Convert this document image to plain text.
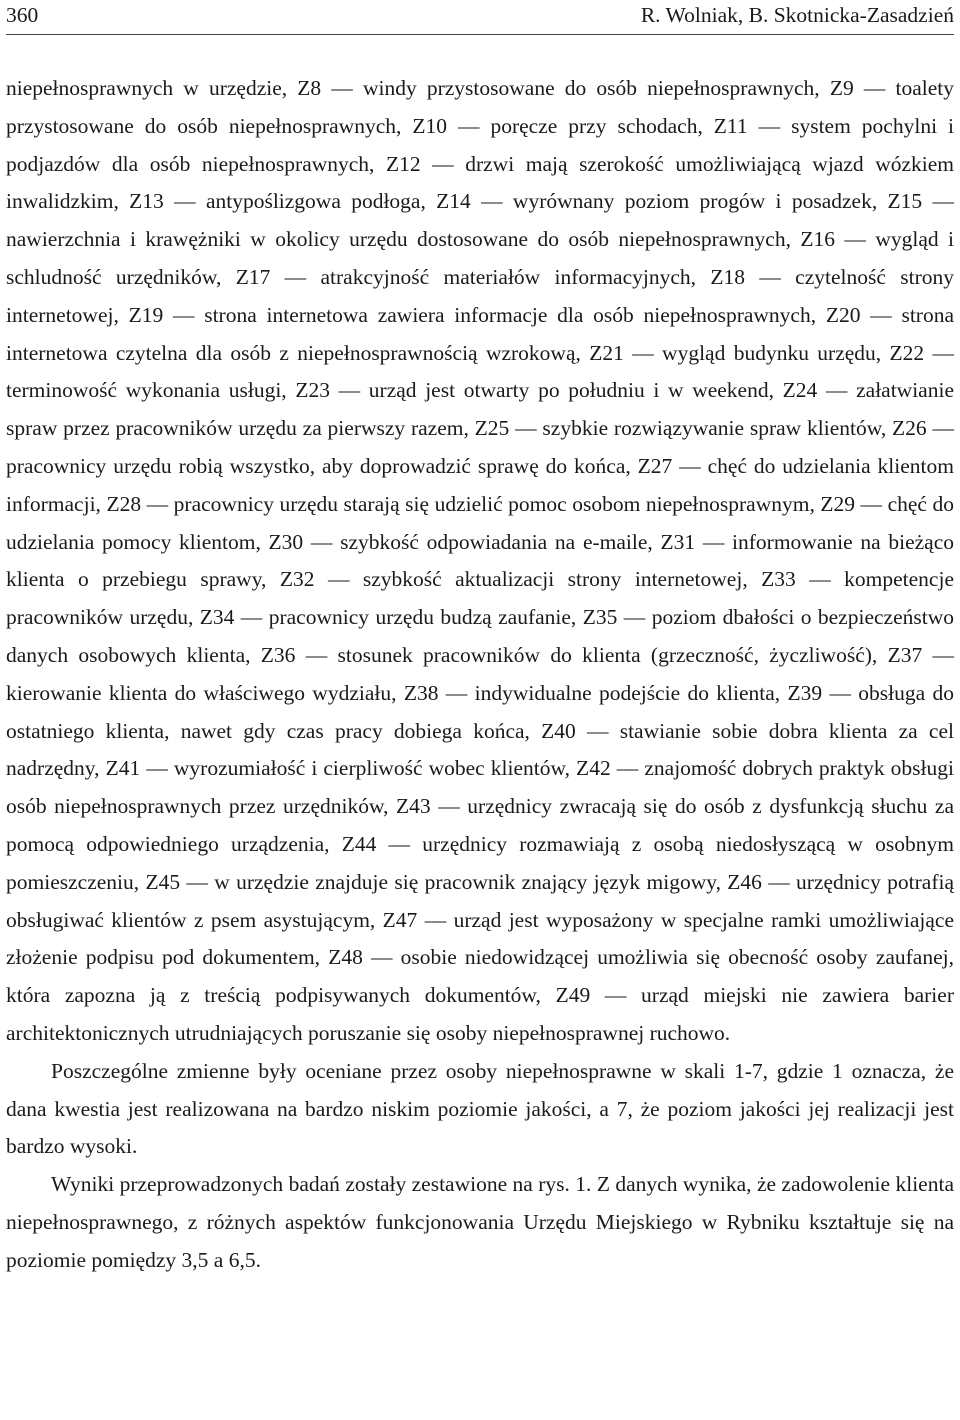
360	R. Wolniak, B. Skotnicka-Zasadzień

niepełnosprawnych w urzędzie, Z8 — windy przystosowane do osób niepełnosprawnych, Z9 — toalety przystosowane do osób niepełnosprawnych, Z10 — poręcze przy schodach, Z11 — system pochylni i podjazdów dla osób niepełnosprawnych, Z12 — drzwi mają szerokość umożliwiającą wjazd wózkiem inwalidzkim, Z13 — antypoślizgowa podłoga, Z14 — wyrównany poziom progów i posadzek, Z15 — nawierzchnia i krawężniki w okolicy urzędu dostosowane do osób niepełnosprawnych, Z16 — wygląd i schludność urzędników, Z17 — atrakcyjność materiałów informacyjnych, Z18 — czytelność strony internetowej, Z19 — strona internetowa zawiera informacje dla osób niepełnosprawnych, Z20 — strona internetowa czytelna dla osób z niepełnosprawnością wzrokową, Z21 — wygląd budynku urzędu, Z22 — terminowość wykonania usługi, Z23 — urząd jest otwarty po południu i w weekend, Z24 — załatwianie spraw przez pracowników urzędu za pierwszy razem, Z25 — szybkie rozwiązywanie spraw klientów, Z26 — pracownicy urzędu robią wszystko, aby doprowadzić sprawę do końca, Z27 — chęć do udzielania klientom informacji, Z28 — pracownicy urzędu starają się udzielić pomoc osobom niepełnosprawnym, Z29 — chęć do udzielania pomocy klientom, Z30 — szybkość odpowiadania na e-maile, Z31 — informowanie na bieżąco klienta o przebiegu sprawy, Z32 — szybkość aktualizacji strony internetowej, Z33 — kompetencje pracowników urzędu, Z34 — pracownicy urzędu budzą zaufanie, Z35 — poziom dbałości o bezpieczeństwo danych osobowych klienta, Z36 — stosunek pracowników do klienta (grzeczność, życzliwość), Z37 — kierowanie klienta do właściwego wydziału, Z38 — indywidualne podejście do klienta, Z39 — obsługa do ostatniego klienta, nawet gdy czas pracy dobiega końca, Z40 — stawianie sobie dobra klienta za cel nadrzędny, Z41 — wyrozumiałość i cierpliwość wobec klientów, Z42 — znajomość dobrych praktyk obsługi osób niepełnosprawnych przez urzędników, Z43 — urzędnicy zwracają się do osób z dysfunkcją słuchu za pomocą odpowiedniego urządzenia, Z44 — urzędnicy rozmawiają z osobą niedosłyszącą w osobnym pomieszczeniu, Z45 — w urzędzie znajduje się pracownik znający język migowy, Z46 — urzędnicy potrafią obsługiwać klientów z psem asystującym, Z47 — urząd jest wyposażony w specjalne ramki umożliwiające złożenie podpisu pod dokumentem, Z48 — osobie niedowidzącej umożliwia się obecność osoby zaufanej, która zapozna ją z treścią podpisywanych dokumentów, Z49 — urząd miejski nie zawiera barier architektonicznych utrudniających poruszanie się osoby niepełnosprawnej ruchowo.

Poszczególne zmienne były oceniane przez osoby niepełnosprawne w skali 1-7, gdzie 1 oznacza, że dana kwestia jest realizowana na bardzo niskim poziomie jakości, a 7, że poziom jakości jej realizacji jest bardzo wysoki.

Wyniki przeprowadzonych badań zostały zestawione na rys. 1. Z danych wynika, że zadowolenie klienta niepełnosprawnego, z różnych aspektów funkcjonowania Urzędu Miejskiego w Rybniku kształtuje się na poziomie pomiędzy 3,5 a 6,5.
